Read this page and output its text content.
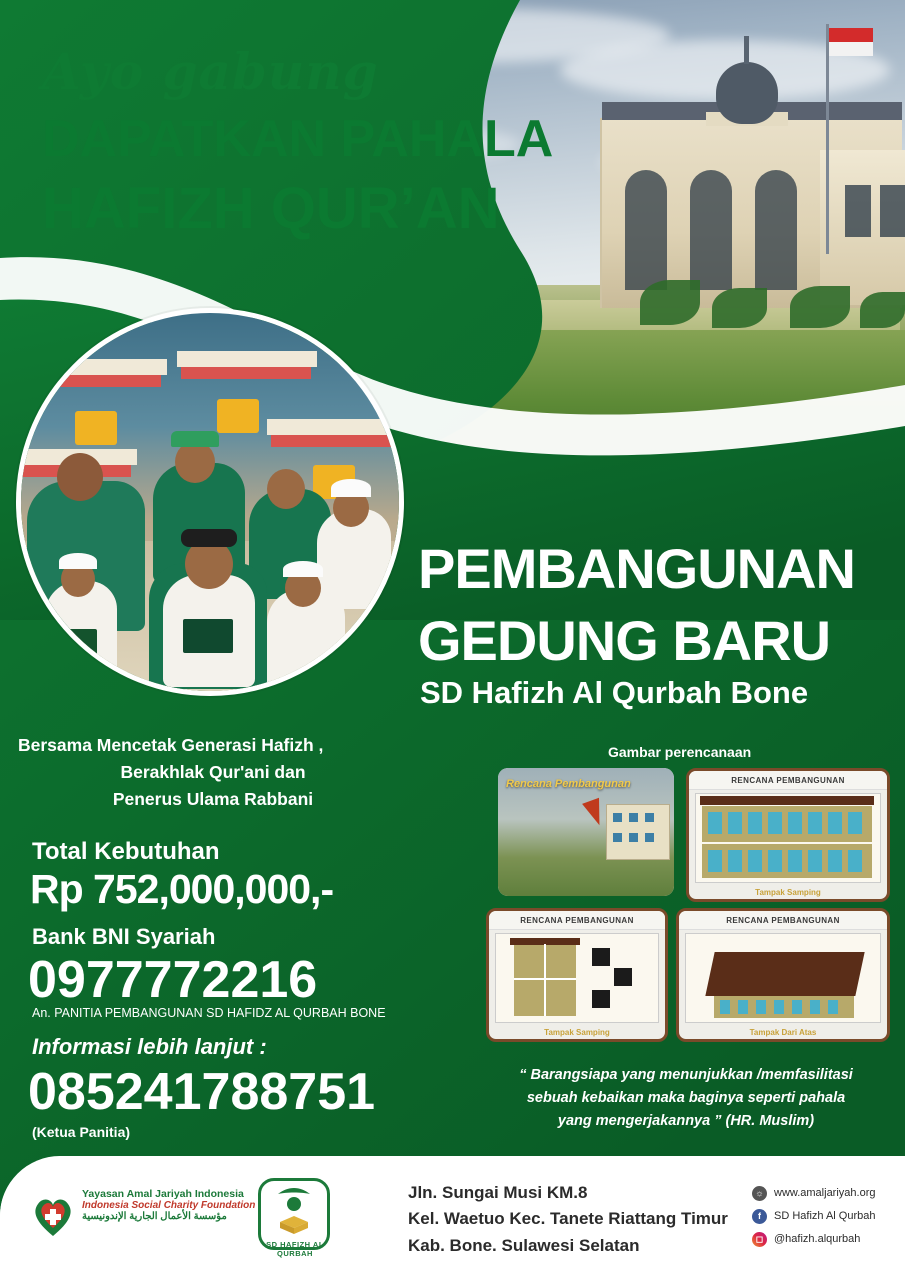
Ayo gabung
DAPATKAN PAHALA
HAFIZH QUR’AN
PEMBANGUNAN
GEDUNG BARU
SD Hafizh Al Qurbah Bone
Bersama Mencetak Generasi Hafizh ,
Berakhlak Qur'ani dan
Penerus Ulama Rabbani
Total Kebutuhan
Rp 752,000,000,-
Bank BNI Syariah
0977772216
An. PANITIA PEMBANGUNAN SD HAFIDZ AL QURBAH BONE
Informasi lebih lanjut :
085241788751
(Ketua Panitia)
Gambar perencanaan
Rencana Pembangunan	RENCANA PEMBANGUNAN
Tampak Samping
RENCANA PEMBANGUNAN
Tampak Samping
RENCANA PEMBANGUNAN
Tampak Dari Atas
“ Barangsiapa yang menunjukkan /memfasilitasi
sebuah kebaikan maka baginya seperti pahala
yang mengerjakannya ” (HR. Muslim)
Yayasan Amal Jariyah Indonesia
Indonesia Social Charity Foundation
مؤسسة الأعمال الجارية الإندونيسية
SD HAFIZH AL QURBAH
Jln. Sungai Musi KM.8
Kel. Waetuo Kec. Tanete Riattang Timur
Kab. Bone. Sulawesi Selatan
☼ www.amaljariyah.org
f	SD Hafizh Al Qurbah
◻ @hafizh.alqurbah
